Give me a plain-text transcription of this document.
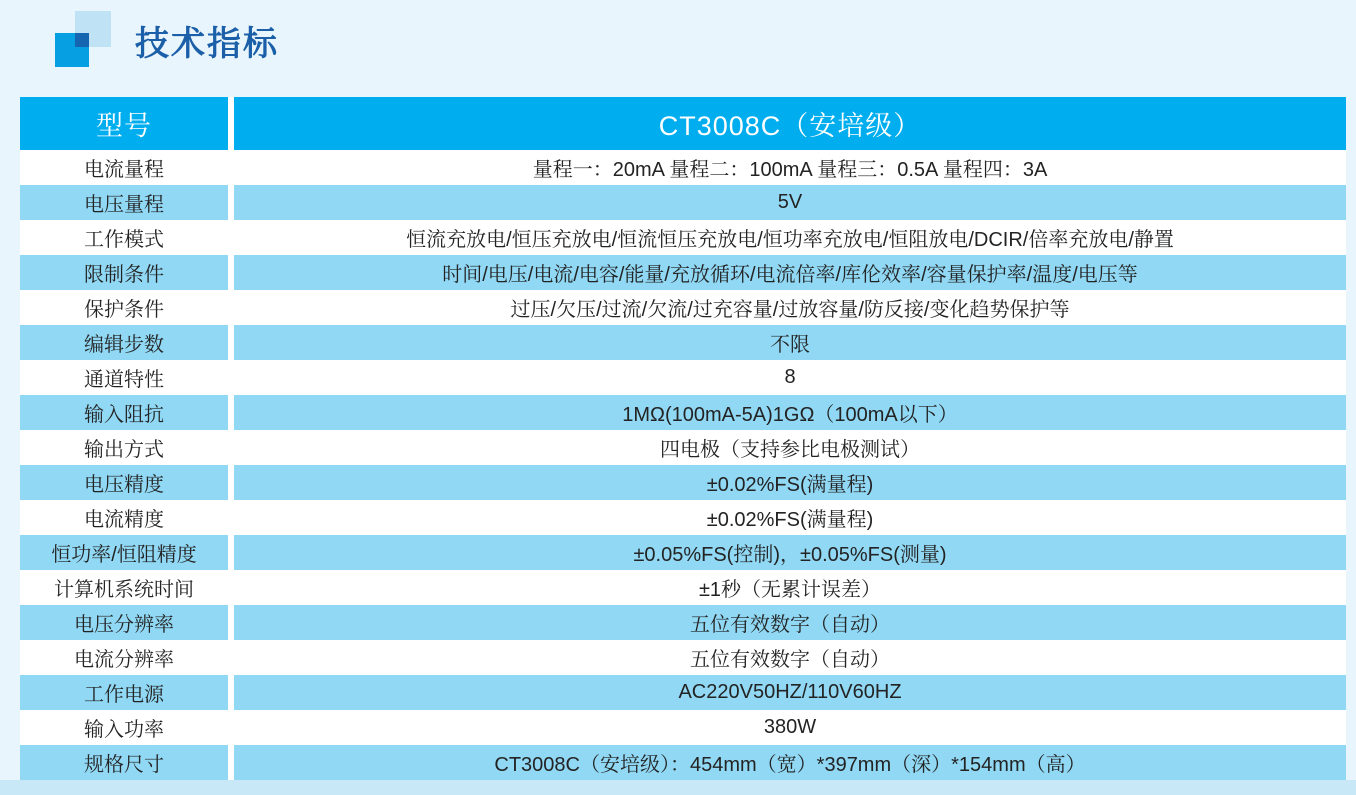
技术指标
型号	CT3008C（安培级）
电流量程	量程一：20mA 量程二：100mA 量程三：0.5A 量程四：3A
电压量程	5V
工作模式	恒流充放电/恒压充放电/恒流恒压充放电/恒功率充放电/恒阻放电/DCIR/倍率充放电/静置
限制条件	时间/电压/电流/电容/能量/充放循环/电流倍率/库伦效率/容量保护率/温度/电压等
保护条件	过压/欠压/过流/欠流/过充容量/过放容量/防反接/变化趋势保护等
编辑步数	不限
通道特性	8
输入阻抗	1MΩ(100mA-5A)1GΩ（100mA以下）
输出方式	四电极（支持参比电极测试）
电压精度	±0.02%FS(满量程)
电流精度	±0.02%FS(满量程)
恒功率/恒阻精度	±0.05%FS(控制)，±0.05%FS(测量)
计算机系统时间	±1秒（无累计误差）
电压分辨率	五位有效数字（自动）
电流分辨率	五位有效数字（自动）
工作电源	AC220V50HZ/110V60HZ
输入功率	380W
规格尺寸	CT3008C（安培级）：454mm（宽）*397mm（深）*154mm（高）
